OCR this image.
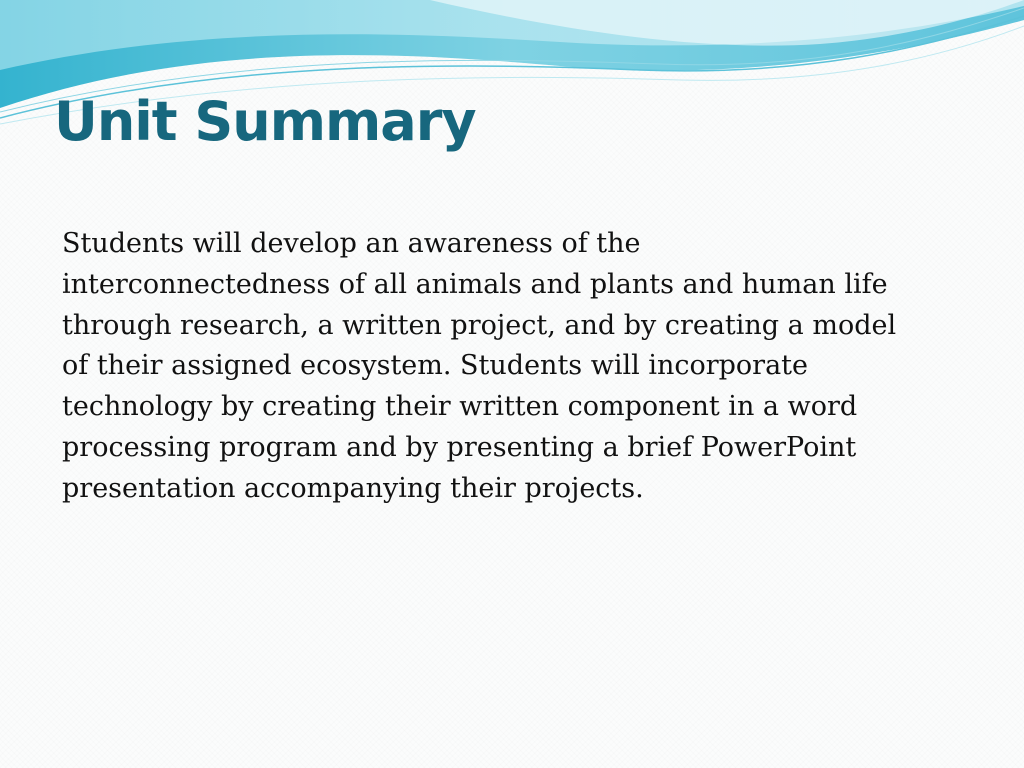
Unit Summary

Students will develop an awareness of the
interconnectedness of all animals and plants and human life
through research, a written project, and by creating a model
of their assigned ecosystem. Students will incorporate
technology by creating their written component in a word
processing program and by presenting a brief PowerPoint
presentation accompanying their projects.
